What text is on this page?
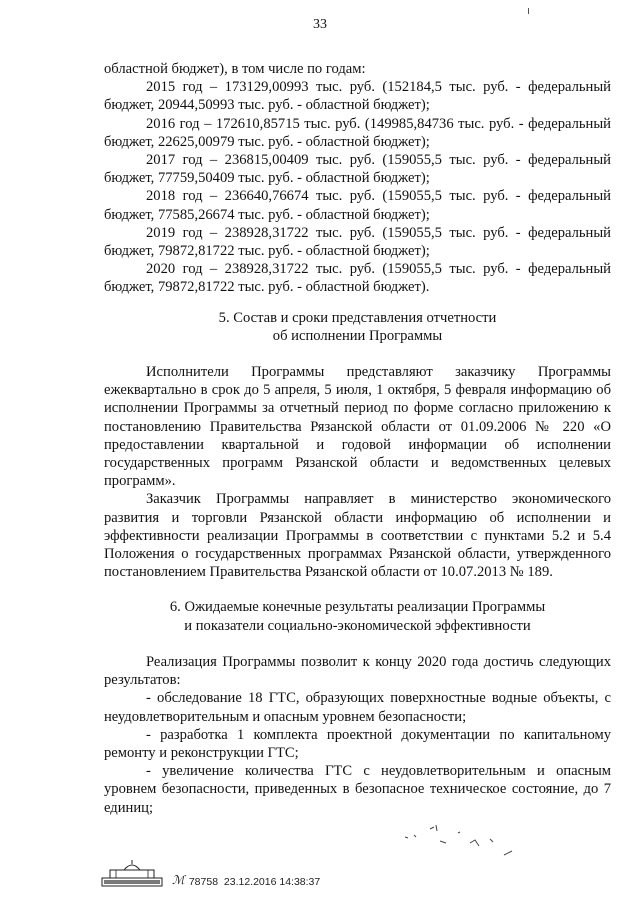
33

областной бюджет), в том числе по годам:

2015 год – 173129,00993 тыс. руб. (152184,5 тыс. руб. - федеральный бюджет, 20944,50993 тыс. руб. - областной бюджет);

2016 год – 172610,85715 тыс. руб. (149985,84736 тыс. руб. - федеральный бюджет, 22625,00979 тыс. руб. - областной бюджет);

2017 год – 236815,00409 тыс. руб. (159055,5 тыс. руб. - федеральный бюджет, 77759,50409 тыс. руб. - областной бюджет);

2018 год – 236640,76674 тыс. руб. (159055,5 тыс. руб. - федеральный бюджет, 77585,26674 тыс. руб. - областной бюджет);

2019 год – 238928,31722 тыс. руб. (159055,5 тыс. руб. - федеральный бюджет, 79872,81722 тыс. руб. - областной бюджет);

2020 год – 238928,31722 тыс. руб. (159055,5 тыс. руб. - федеральный бюджет, 79872,81722 тыс. руб. - областной бюджет).

5. Состав и сроки представления отчетности

об исполнении Программы

Исполнители Программы представляют заказчику Программы ежеквартально в срок до 5 апреля, 5 июля, 1 октября, 5 февраля информацию об исполнении Программы за отчетный период по форме согласно приложению к постановлению Правительства Рязанской области от 01.09.2006 № 220 «О предоставлении квартальной и годовой информации об исполнении государственных программ Рязанской области и ведомственных целевых программ».

Заказчик Программы направляет в министерство экономического развития и торговли Рязанской области информацию об исполнении и эффективности реализации Программы в соответствии с пунктами 5.2 и 5.4 Положения о государственных программах Рязанской области, утвержденного постановлением Правительства Рязанской области от 10.07.2013 № 189.

6. Ожидаемые конечные результаты реализации Программы

и показатели социально-экономической эффективности

Реализация Программы позволит к концу 2020 года достичь следующих результатов:

- обследование 18 ГТС, образующих поверхностные водные объекты, с неудовлетворительным и опасным уровнем безопасности;

- разработка 1 комплекта проектной документации по капитальному ремонту и реконструкции ГТС;

- увеличение количества ГТС с неудовлетворительным и опасным уровнем безопасности, приведенных в безопасное техническое состояние, до 7 единиц;

ℳ 78758
23.12.2016 14:38:37
